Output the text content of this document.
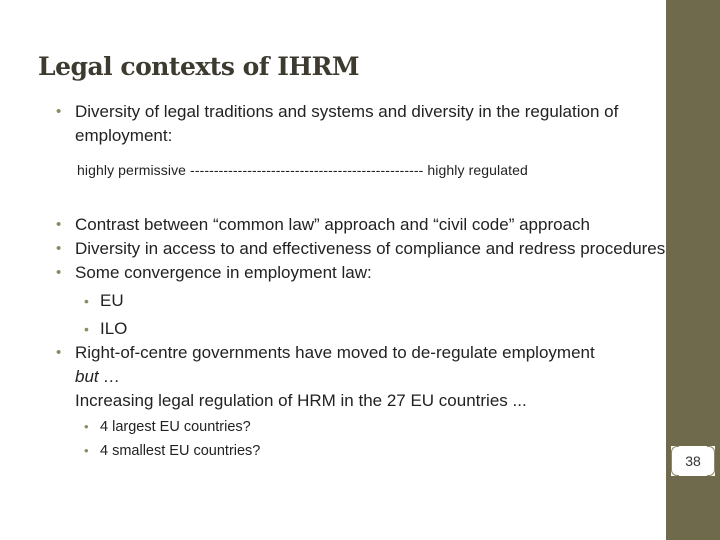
Legal contexts of IHRM
• Diversity of legal traditions and systems and diversity in the regulation of employment:
highly permissive ------------------------------------------------- highly regulated
• Contrast between “common law” approach and “civil code” approach
• Diversity in access to and effectiveness of compliance and redress procedures
• Some convergence in employment law:
• EU
• ILO
• Right-of-centre governments have moved to de-regulate employment
but …
Increasing legal regulation of HRM in the 27 EU countries ...
• 4 largest EU countries?
• 4 smallest EU countries?
38
